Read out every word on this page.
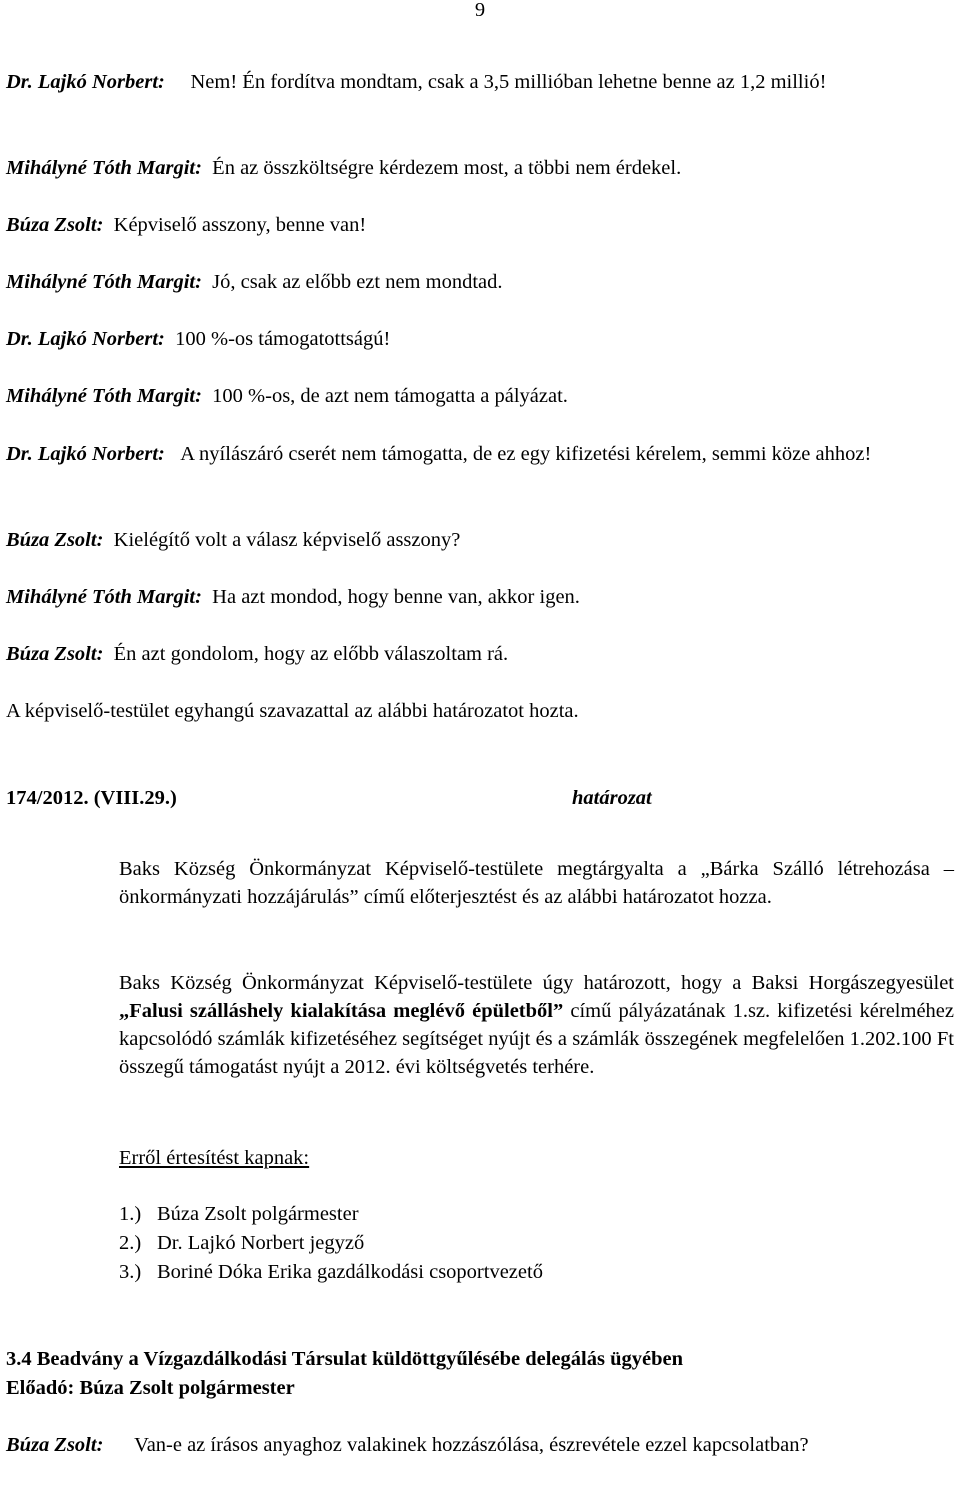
9

Dr. Lajkó Norbert: Nem! Én fordítva mondtam, csak a 3,5 millióban lehetne benne az 1,2 millió!

Mihályné Tóth Margit: Én az összköltségre kérdezem most, a többi nem érdekel.

Búza Zsolt: Képviselő asszony, benne van!

Mihályné Tóth Margit: Jó, csak az előbb ezt nem mondtad.

Dr. Lajkó Norbert: 100 %-os támogatottságú!

Mihályné Tóth Margit: 100 %-os, de azt nem támogatta a pályázat.

Dr. Lajkó Norbert: A nyílászáró cserét nem támogatta, de ez egy kifizetési kérelem, semmi köze ahhoz!

Búza Zsolt: Kielégítő volt a válasz képviselő asszony?

Mihályné Tóth Margit: Ha azt mondod, hogy benne van, akkor igen.

Búza Zsolt: Én azt gondolom, hogy az előbb válaszoltam rá.

A képviselő-testület egyhangú szavazattal az alábbi határozatot hozta.

174/2012. (VIII.29.)	határozat

Baks Község Önkormányzat Képviselő-testülete megtárgyalta a „Bárka Szálló létrehozása – önkormányzati hozzájárulás” című előterjesztést és az alábbi határozatot hozza.

Baks Község Önkormányzat Képviselő-testülete úgy határozott, hogy a Baksi Horgászegyesület „Falusi szálláshely kialakítása meglévő épületből” című pályázatának 1.sz. kifizetési kérelméhez kapcsolódó számlák kifizetéséhez segítséget nyújt és a számlák összegének megfelelően 1.202.100 Ft összegű támogatást nyújt a 2012. évi költségvetés terhére.

Erről értesítést kapnak:
1.) Búza Zsolt polgármester
2.) Dr. Lajkó Norbert jegyző
3.) Boriné Dóka Erika gazdálkodási csoportvezető
3.4 Beadvány a Vízgazdálkodási Társulat küldöttgyűlésébe delegálás ügyében
Előadó: Búza Zsolt polgármester

Búza Zsolt: Van-e az írásos anyaghoz valakinek hozzászólása, észrevétele ezzel kapcsolatban?
